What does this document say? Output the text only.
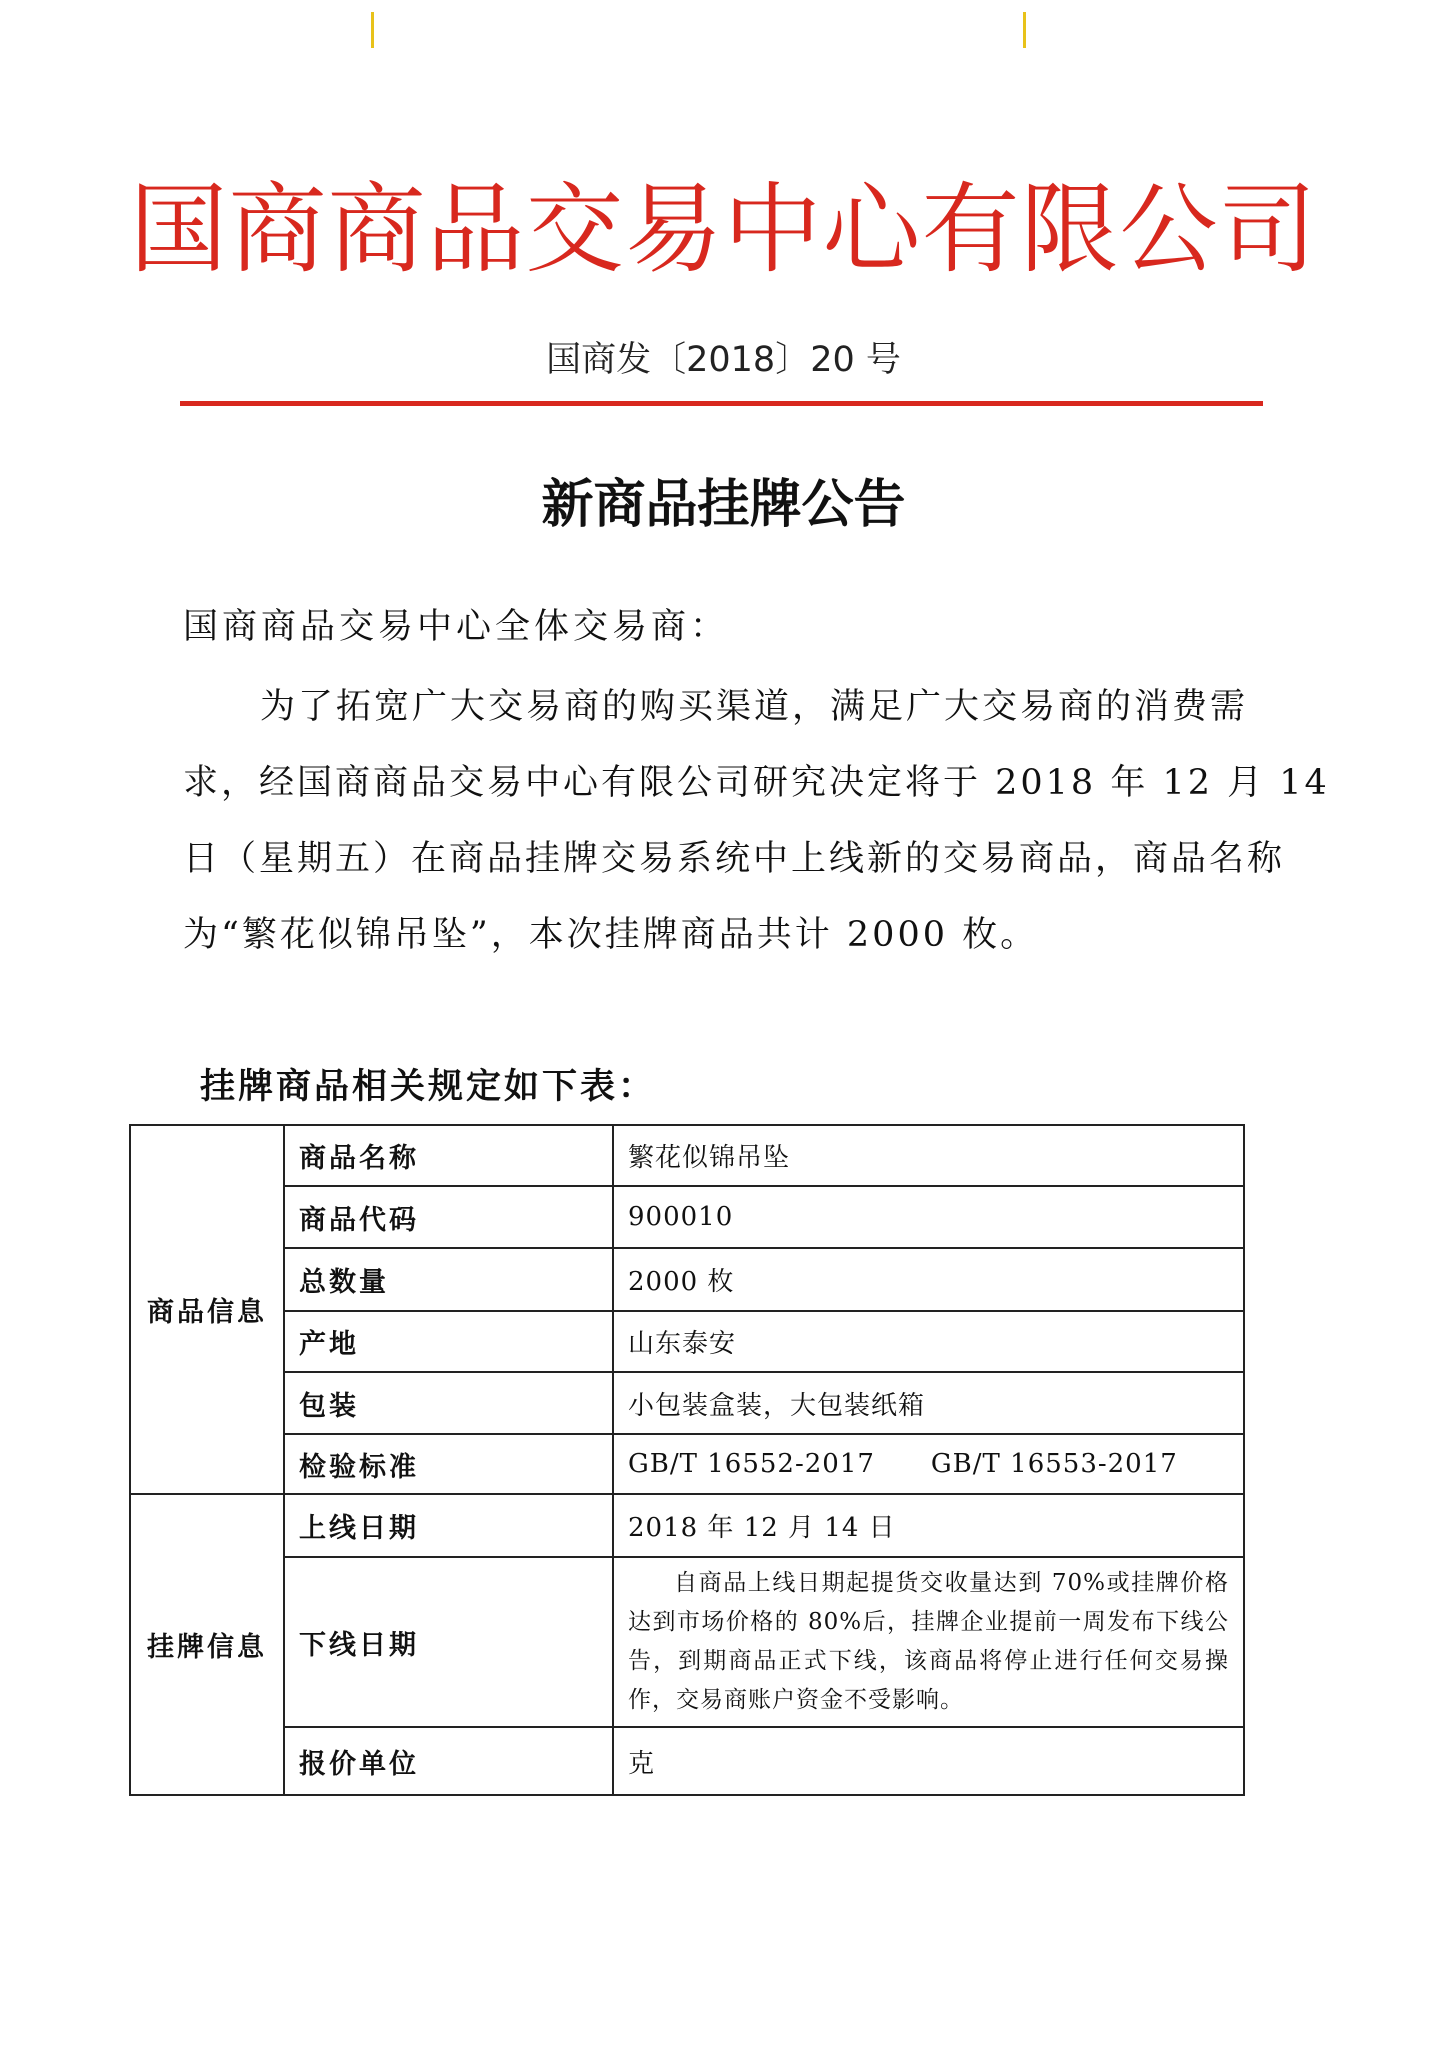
国商商品交易中心有限公司
国商发〔2018〕20 号
新商品挂牌公告
国商商品交易中心全体交易商：
为了拓宽广大交易商的购买渠道，满足广大交易商的消费需
求，经国商商品交易中心有限公司研究决定将于 2018 年 12 月 14
日（星期五）在商品挂牌交易系统中上线新的交易商品，商品名称
为“繁花似锦吊坠”，本次挂牌商品共计 2000 枚。
挂牌商品相关规定如下表：
商品信息	商品名称	繁花似锦吊坠
	商品代码	900010
	总数量	2000 枚
	产地	山东泰安
	包装	小包装盒装，大包装纸箱
	检验标准	GB/T 16552-2017 GB/T 16553-2017
挂牌信息	上线日期	2018 年 12 月 14 日
	下线日期	自商品上线日期起提货交收量达到 70%或挂牌价格达到市场价格的 80%后，挂牌企业提前一周发布下线公告，到期商品正式下线，该商品将停止进行任何交易操作，交易商账户资金不受影响。

	报价单位	克
